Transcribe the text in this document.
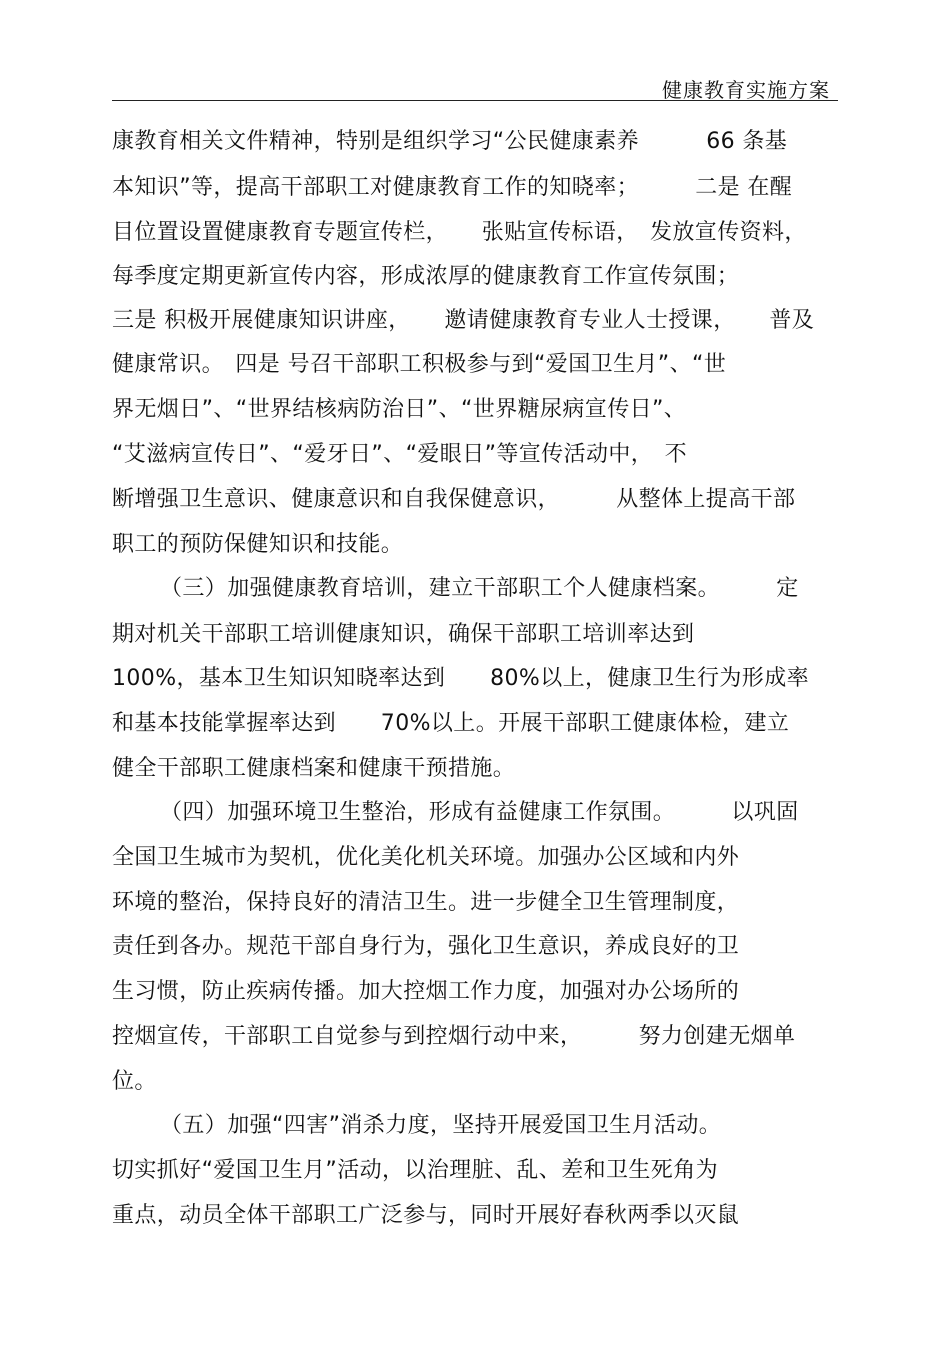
健康教育实施方案
康教育相关文件精神，特别是组织学习“公民健康素养　　　66 条基
本知识”等，提高干部职工对健康教育工作的知晓率；　　　二是 在醒
目位置设置健康教育专题宣传栏，　　张贴宣传标语，　发放宣传资料，
每季度定期更新宣传内容，形成浓厚的健康教育工作宣传氛围；
三是 积极开展健康知识讲座，　　邀请健康教育专业人士授课，　　普及
健康常识。　四是 号召干部职工积极参与到“爱国卫生月”、“世
界无烟日”、“世界结核病防治日”、“世界糖尿病宣传日”、
“艾滋病宣传日”、“爱牙日”、“爱眼日”等宣传活动中，　不
断增强卫生意识、健康意识和自我保健意识，　　　从整体上提高干部
职工的预防保健知识和技能。
（三）加强健康教育培训，建立干部职工个人健康档案。　　　定
期对机关干部职工培训健康知识，确保干部职工培训率达到
100%，基本卫生知识知晓率达到　　80%以上，健康卫生行为形成率
和基本技能掌握率达到　　70%以上。开展干部职工健康体检，建立
健全干部职工健康档案和健康干预措施。
（四）加强环境卫生整治，形成有益健康工作氛围。　　　以巩固
全国卫生城市为契机，优化美化机关环境。加强办公区域和内外
环境的整治，保持良好的清洁卫生。进一步健全卫生管理制度，
责任到各办。规范干部自身行为，强化卫生意识，养成良好的卫
生习惯，防止疾病传播。加大控烟工作力度，加强对办公场所的
控烟宣传，干部职工自觉参与到控烟行动中来，　　　努力创建无烟单
位。
（五）加强“四害”消杀力度，坚持开展爱国卫生月活动。
切实抓好“爱国卫生月”活动，以治理脏、乱、差和卫生死角为
重点，动员全体干部职工广泛参与，同时开展好春秋两季以灭鼠
